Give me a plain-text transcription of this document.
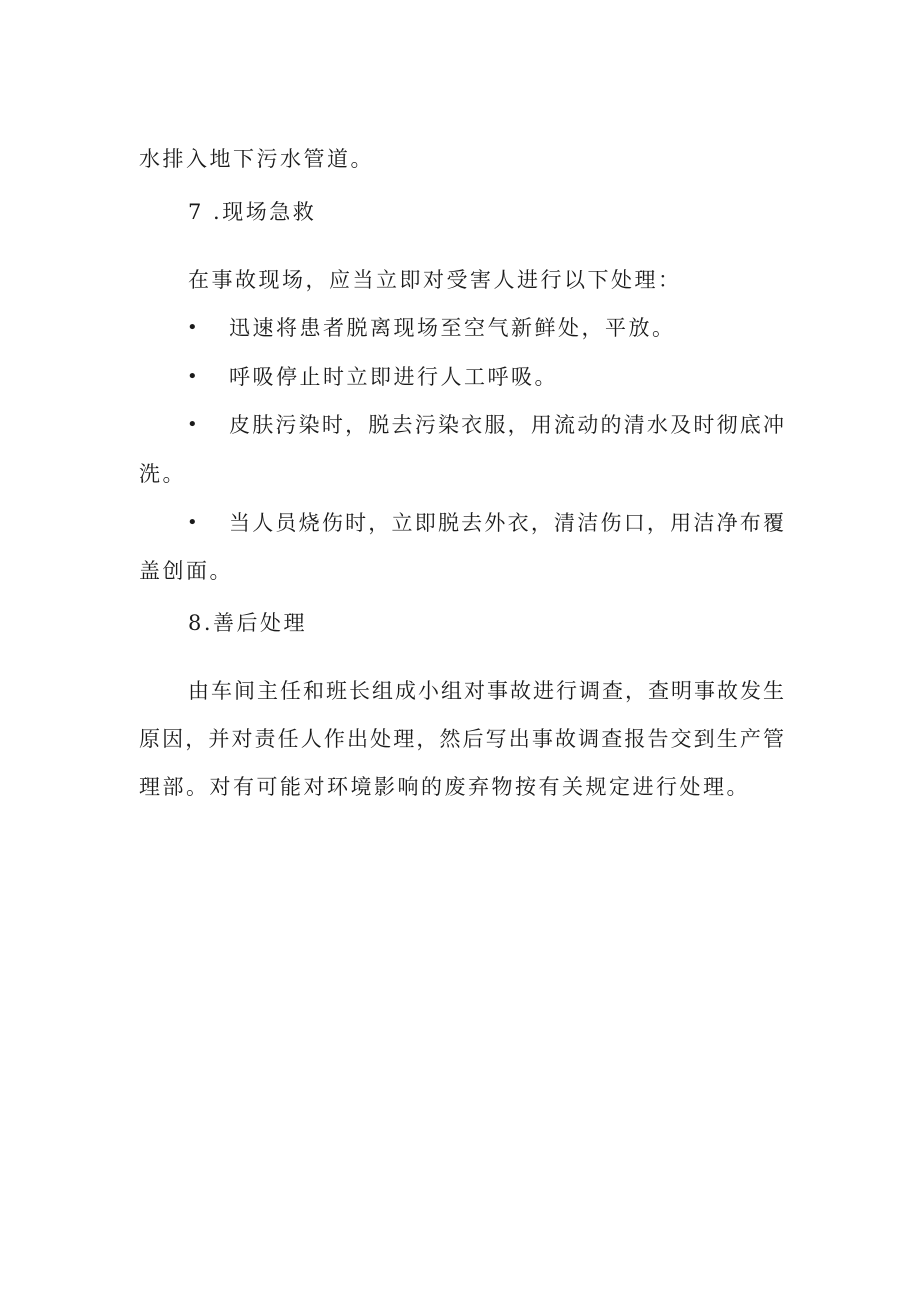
水排入地下污水管道。
7 .现场急救
在事故现场，应当立即对受害人进行以下处理：
• 迅速将患者脱离现场至空气新鲜处，平放。
• 呼吸停止时立即进行人工呼吸。
• 皮肤污染时，脱去污染衣服，用流动的清水及时彻底冲
洗。
• 当人员烧伤时，立即脱去外衣，清洁伤口，用洁净布覆
盖创面。
8.善后处理
由车间主任和班长组成小组对事故进行调查，查明事故发生
原因，并对责任人作出处理，然后写出事故调查报告交到生产管
理部。对有可能对环境影响的废弃物按有关规定进行处理。
